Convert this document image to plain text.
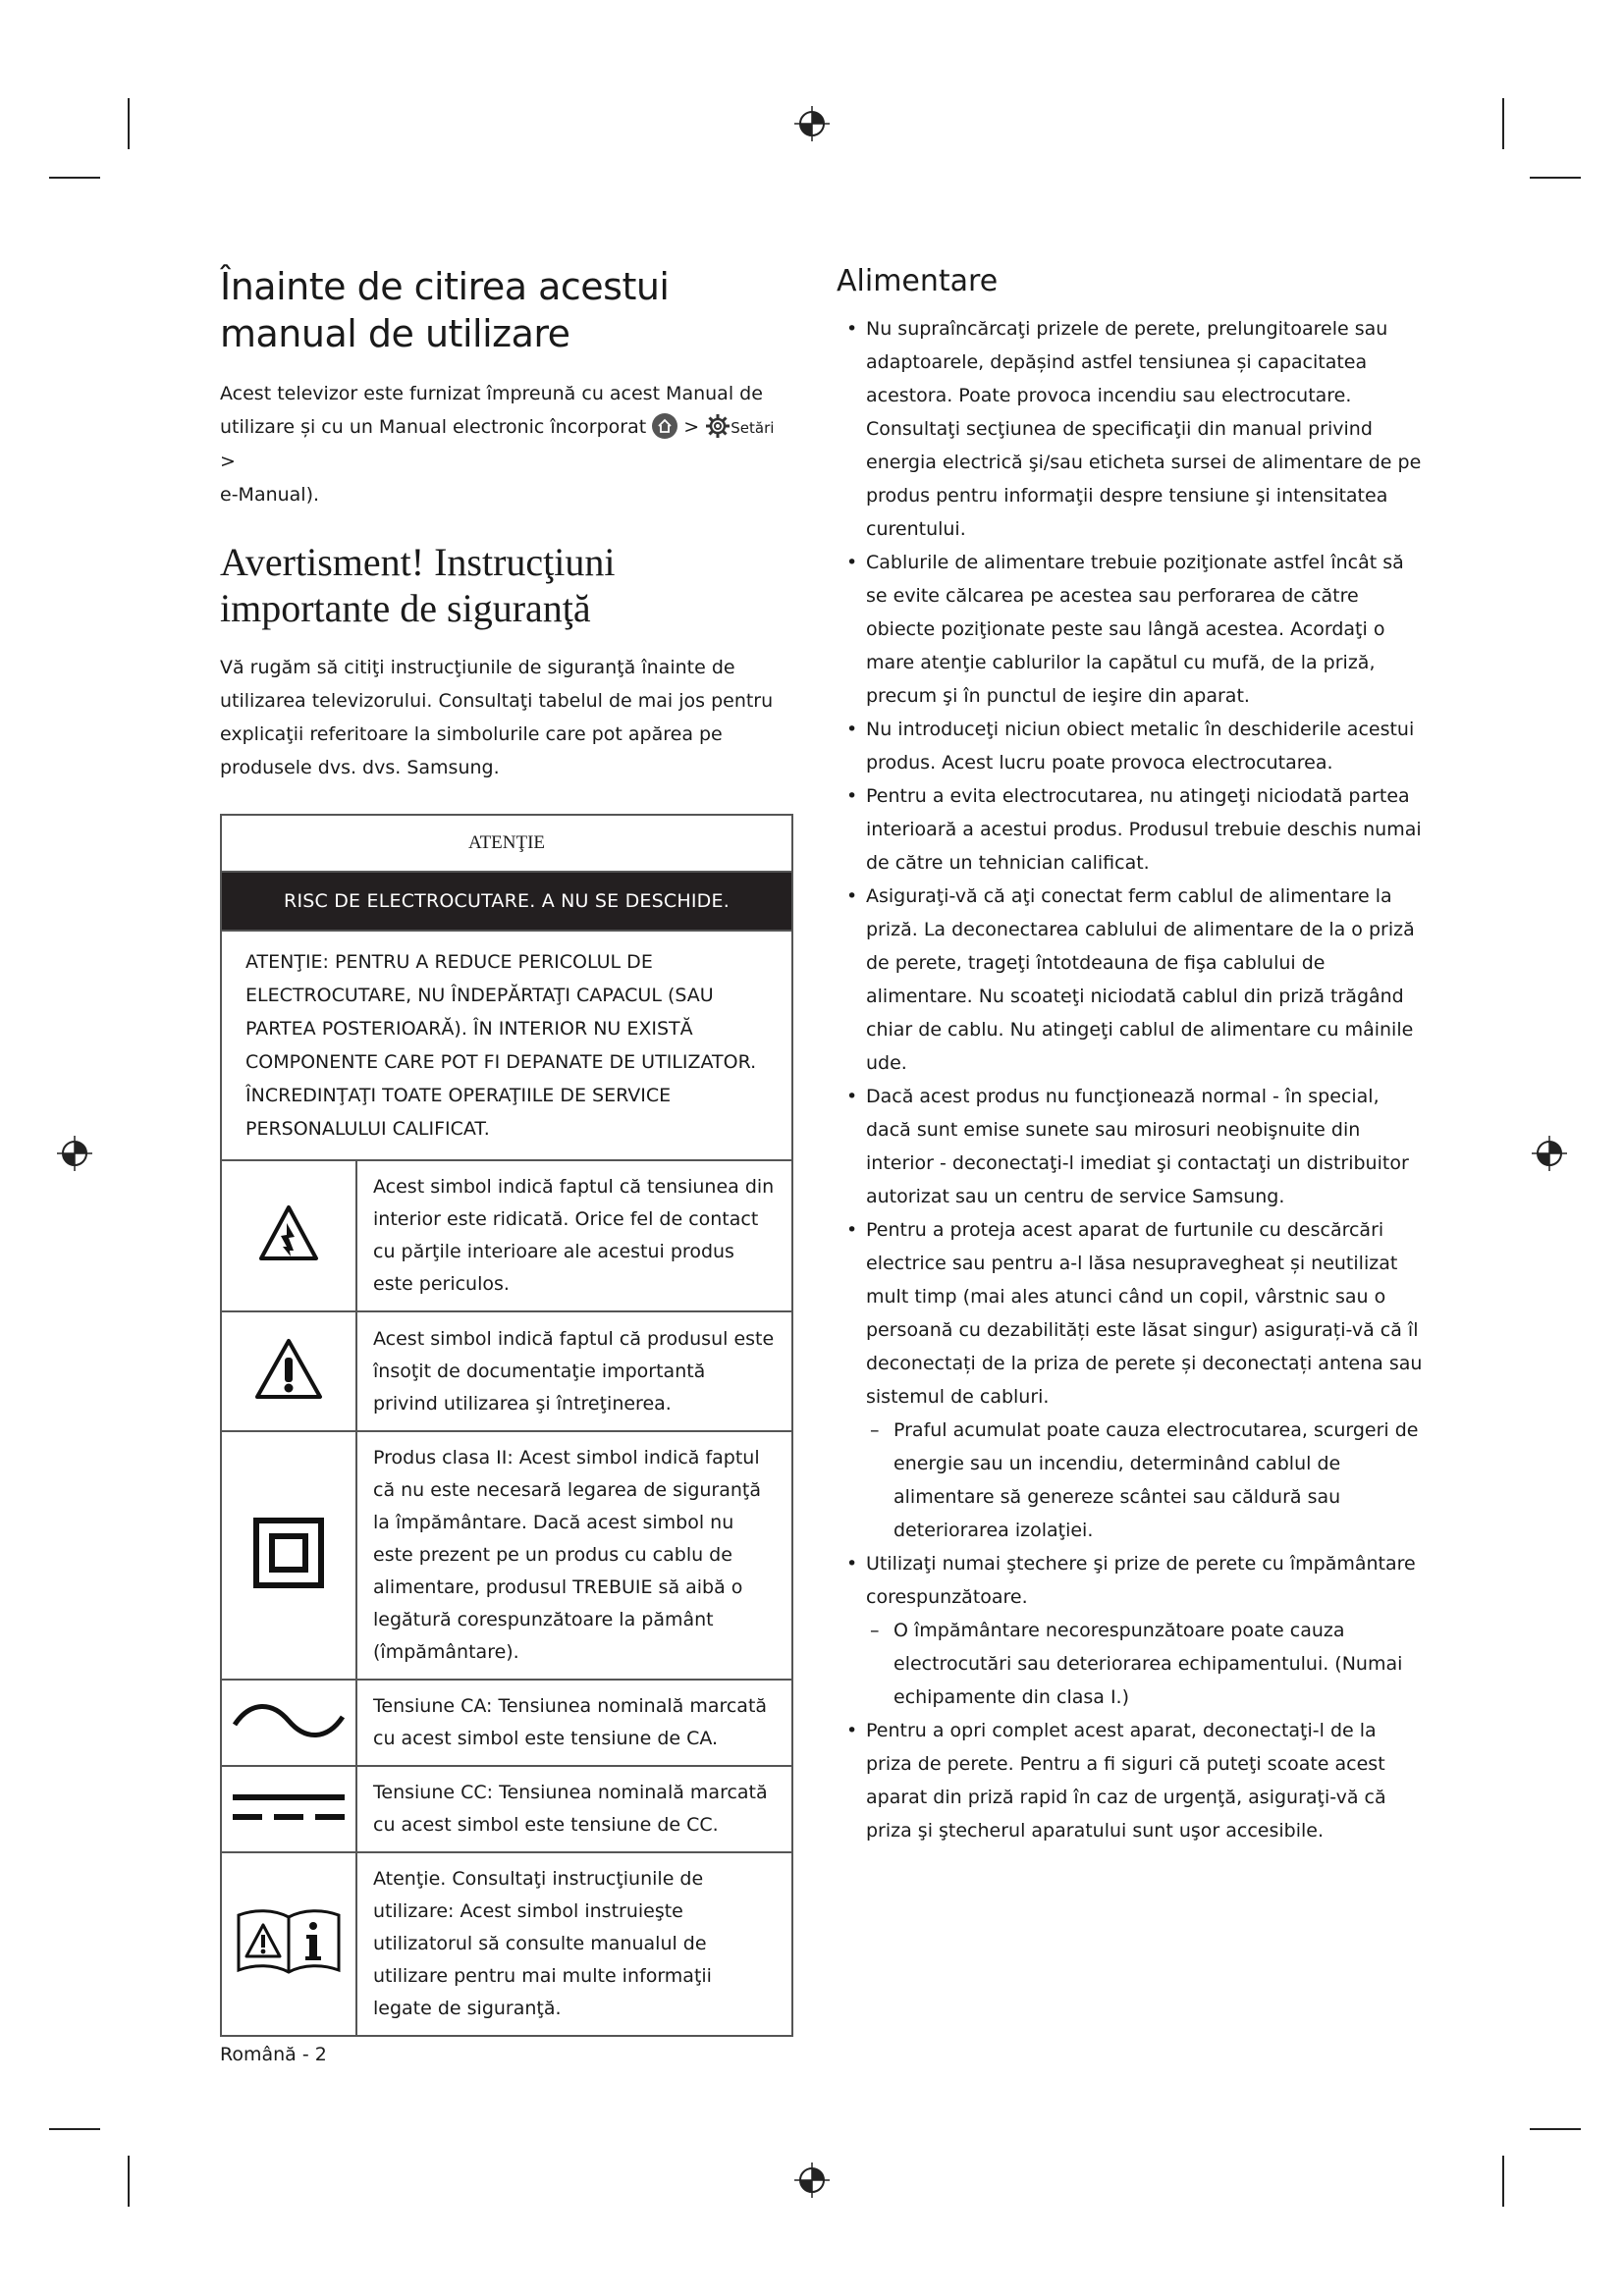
Înainte de citirea acestui manual de utilizare

Acest televizor este furnizat împreună cu acest Manual de utilizare și cu un Manual electronic încorporat
> Setări >
e-Manual).

Avertisment! Instrucţiuni importante de siguranţă

Vă rugăm să citiţi instrucţiunile de siguranţă înainte de utilizarea televizorului. Consultaţi tabelul de mai jos pentru explicaţii referitoare la simbolurile care pot apărea pe produsele dvs. dvs. Samsung.

ATENŢIE	
RISC DE ELECTROCUTARE. A NU SE DESCHIDE.	
ATENŢIE: PENTRU A REDUCE PERICOLUL DE ELECTROCUTARE, NU ÎNDEPĂRTAŢI CAPACUL (SAU PARTEA POSTERIOARĂ). ÎN INTERIOR NU EXISTĂ COMPONENTE CARE POT FI DEPANATE DE UTILIZATOR. ÎNCREDINŢAŢI TOATE OPERAŢIILE DE SERVICE PERSONALULUI CALIFICAT.	
	Acest simbol indică faptul că tensiunea din interior este ridicată. Orice fel de contact cu părţile interioare ale acestui produs este periculos.
	Acest simbol indică faptul că produsul este însoţit de documentaţie importantă privind utilizarea şi întreţinerea.
	Produs clasa II: Acest simbol indică faptul că nu este necesară legarea de siguranţă la împământare. Dacă acest simbol nu este prezent pe un produs cu cablu de alimentare, produsul TREBUIE să aibă o legătură corespunzătoare la pământ (împământare).
	Tensiune CA: Tensiunea nominală marcată cu acest simbol este tensiune de CA.
	Tensiune CC: Tensiunea nominală marcată cu acest simbol este tensiune de CC.
	Atenţie. Consultaţi instrucţiunile de utilizare: Acest simbol instruieşte utilizatorul să consulte manualul de utilizare pentru mai multe informaţii legate de siguranţă.
Alimentare
• Nu supraîncărcaţi prizele de perete, prelungitoarele sau adaptoarele, depășind astfel tensiunea și capacitatea acestora. Poate provoca incendiu sau electrocutare.

Consultaţi secţiunea de specificaţii din manual privind energia electrică şi/sau eticheta sursei de alimentare de pe produs pentru informaţii despre tensiune şi intensitatea curentului.

• Cablurile de alimentare trebuie poziţionate astfel încât să se evite călcarea pe acestea sau perforarea de către obiecte poziţionate peste sau lângă acestea. Acordaţi o mare atenţie cablurilor la capătul cu mufă, de la priză, precum şi în punctul de ieşire din aparat.
• Nu introduceţi niciun obiect metalic în deschiderile acestui produs. Acest lucru poate provoca electrocutarea.
• Pentru a evita electrocutarea, nu atingeţi niciodată partea interioară a acestui produs. Produsul trebuie deschis numai de către un tehnician calificat.
• Asiguraţi-vă că aţi conectat ferm cablul de alimentare la priză. La deconectarea cablului de alimentare de la o priză de perete, trageţi întotdeauna de fişa cablului de alimentare. Nu scoateţi niciodată cablul din priză trăgând chiar de cablu. Nu atingeţi cablul de alimentare cu mâinile ude.
• Dacă acest produs nu funcţionează normal - în special, dacă sunt emise sunete sau mirosuri neobişnuite din interior - deconectaţi-l imediat şi contactaţi un distribuitor autorizat sau un centru de service Samsung.
• Pentru a proteja acest aparat de furtunile cu descărcări electrice sau pentru a-l lăsa nesupravegheat și neutilizat mult timp (mai ales atunci când un copil, vârstnic sau o persoană cu dezabilități este lăsat singur) asigurați-vă că îl deconectați de la priza de perete și deconectați antena sau sistemul de cabluri.
– Praful acumulat poate cauza electrocutarea, scurgeri de energie sau un incendiu, determinând cablul de alimentare să genereze scântei sau căldură sau deteriorarea izolaţiei.
• Utilizaţi numai ştechere şi prize de perete cu împământare corespunzătoare.
– O împământare necorespunzătoare poate cauza electrocutări sau deteriorarea echipamentului. (Numai echipamente din clasa I.)
• Pentru a opri complet acest aparat, deconectaţi-l de la priza de perete. Pentru a fi siguri că puteţi scoate acest aparat din priză rapid în caz de urgenţă, asiguraţi-vă că priza şi ştecherul aparatului sunt uşor accesibile.
Română - 2
